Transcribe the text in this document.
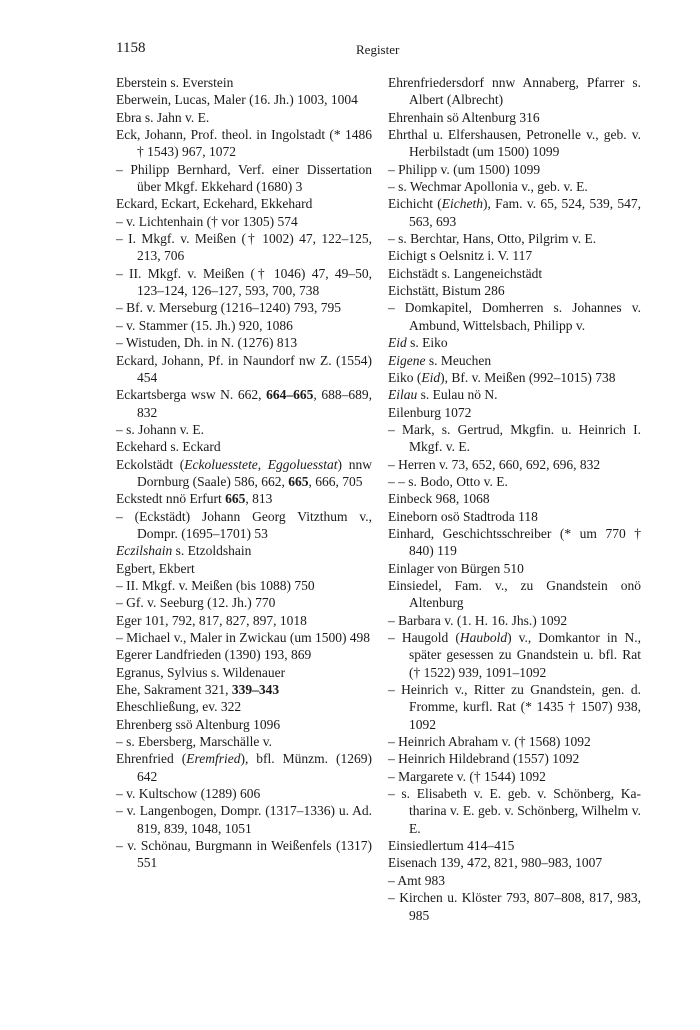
1158	Register

Eberstein s. Everstein

Eberwein, Lucas, Maler (16. Jh.) 1003, 1004

Ebra s. Jahn v. E.

Eck, Johann, Prof. theol. in Ingolstadt (* 1486 † 1543) 967, 1072

– Philipp Bernhard, Verf. einer Dissertation über Mkgf. Ekkehard (1680) 3

Eckard, Eckart, Eckehard, Ekkehard

– v. Lichtenhain († vor 1305) 574

– I. Mkgf. v. Meißen († 1002) 47, 122–125, 213, 706

– II. Mkgf. v. Meißen († 1046) 47, 49–50, 123–124, 126–127, 593, 700, 738

– Bf. v. Merseburg (1216–1240) 793, 795

– v. Stammer (15. Jh.) 920, 1086

– Wistuden, Dh. in N. (1276) 813

Eckard, Johann, Pf. in Naundorf nw Z. (1554) 454

Eckartsberga wsw N. 662, 664–665, 688–689, 832

– s. Johann v. E.

Eckehard s. Eckard

Eckolstädt (Eckoluesstete, Eggoluesstat) nnw Dornburg (Saale) 586, 662, 665, 666, 705

Eckstedt nnö Erfurt 665, 813

– (Eckstädt) Johann Georg Vitzthum v., Dompr. (1695–1701) 53

Eczilshain s. Etzoldshain

Egbert, Ekbert

– II. Mkgf. v. Meißen (bis 1088) 750

– Gf. v. Seeburg (12. Jh.) 770

Eger 101, 792, 817, 827, 897, 1018

– Michael v., Maler in Zwickau (um 1500) 498

Egerer Landfrieden (1390) 193, 869

Egranus, Sylvius s. Wildenauer

Ehe, Sakrament 321, 339–343

Eheschließung, ev. 322

Ehrenberg ssö Altenburg 1096

– s. Ebersberg, Marschälle v.

Ehrenfried (Eremfried), bfl. Münzm. (1269) 642

– v. Kultschow (1289) 606

– v. Langenbogen, Dompr. (1317–1336) u. Ad. 819, 839, 1048, 1051

– v. Schönau, Burgmann in Weißenfels (1317) 551

Ehrenfriedersdorf nnw Annaberg, Pfarrer s. Albert (Albrecht)

Ehrenhain sö Altenburg 316

Ehrthal u. Elfershausen, Petronelle v., geb. v. Herbilstadt (um 1500) 1099

– Philipp v. (um 1500) 1099

– s. Wechmar Apollonia v., geb. v. E.

Eichicht (Eicheth), Fam. v. 65, 524, 539, 547, 563, 693

– s. Berchtar, Hans, Otto, Pilgrim v. E.

Eichigt s Oelsnitz i. V. 117

Eichstädt s. Langeneichstädt

Eichstätt, Bistum 286

– Domkapitel, Domherren s. Johannes v. Ambund, Wittelsbach, Philipp v.

Eid s. Eiko

Eigene s. Meuchen

Eiko (Eid), Bf. v. Meißen (992–1015) 738

Eilau s. Eulau nö N.

Eilenburg 1072

– Mark, s. Gertrud, Mkgfin. u. Heinrich I. Mkgf. v. E.

– Herren v. 73, 652, 660, 692, 696, 832

– – s. Bodo, Otto v. E.

Einbeck 968, 1068

Eineborn osö Stadtroda 118

Einhard, Geschichtsschreiber (* um 770 † 840) 119

Einlager von Bürgen 510

Einsiedel, Fam. v., zu Gnandstein onö Altenburg

– Barbara v. (1. H. 16. Jhs.) 1092

– Haugold (Haubold) v., Domkantor in N., später gesessen zu Gnandstein u. bfl. Rat († 1522) 939, 1091–1092

– Heinrich v., Ritter zu Gnandstein, gen. d. Fromme, kurfl. Rat (* 1435 † 1507) 938, 1092

– Heinrich Abraham v. († 1568) 1092

– Heinrich Hildebrand (1557) 1092

– Margarete v. († 1544) 1092

– s. Elisabeth v. E. geb. v. Schönberg, Katharina v. E. geb. v. Schönberg, Wilhelm v. E.

Einsiedlertum 414–415

Eisenach 139, 472, 821, 980–983, 1007

– Amt 983

– Kirchen u. Klöster 793, 807–808, 817, 983, 985
